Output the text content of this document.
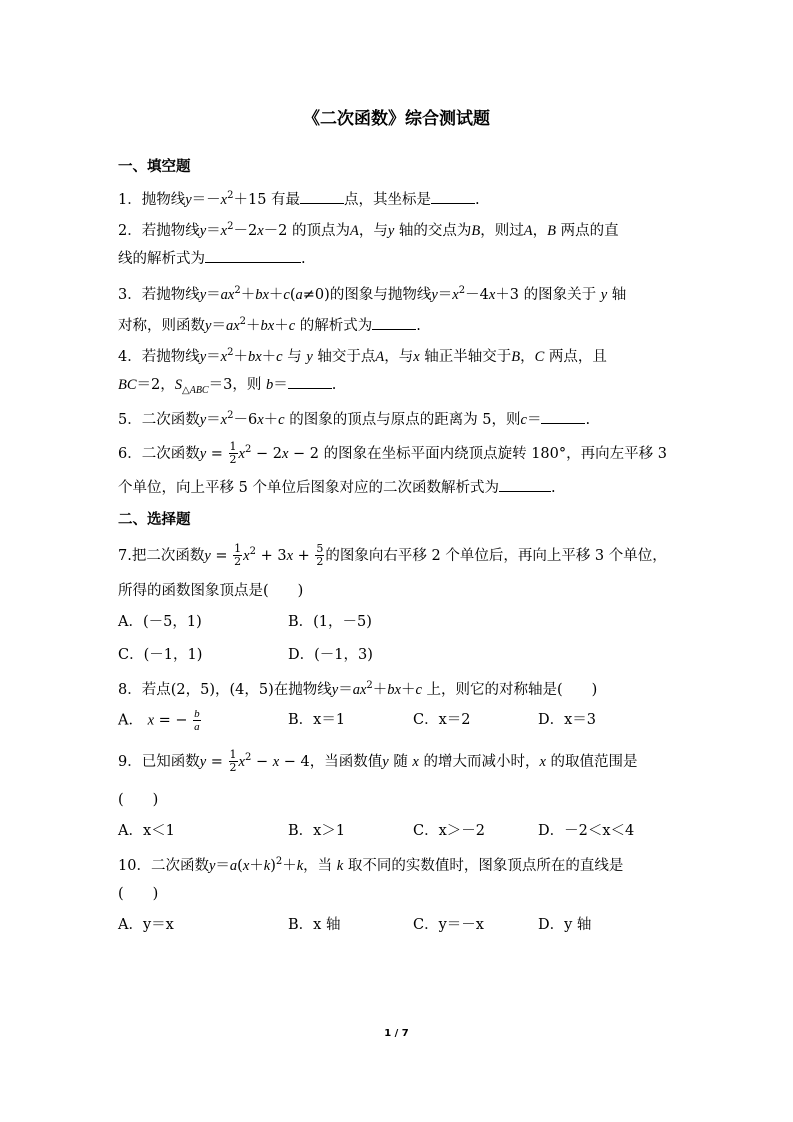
《二次函数》综合测试题
一、填空题
1．抛物线$y=-x^2+15$ 有最	点，其坐标是	.
2．若抛物线$y=x^2-2x-2$ 的顶点为A，与y 轴的交点为B，则过A，B 两点的直
线的解析式为	.
3．若抛物线$y=ax^2+bx+c(a\ne 0)$的图象与抛物线$y=x^2-4x+3$ 的图象关于 y 轴
对称，则函数$y=ax^2+bx+c$ 的解析式为	.
4．若抛物线$y=x^2+bx+c$ 与 y 轴交于点A，与x 轴正半轴交于B，C 两点，且
BC＝2，$S_{\triangle ABC}=3$，则 b＝	.
5．二次函数$y=x^2-6x+c$ 的图象的顶点与原点的距离为 5，则c＝	.
6．二次函数$y = \frac{1}{2} x^2 - 2x - 2$ 的图象在坐标平面内绕顶点旋转 180°，再向左平移 3
个单位，向上平移 5 个单位后图象对应的二次函数解析式为	.
二、选择题
7.把二次函数$y = \frac{1}{2} x^2 + 3x + \frac{5}{2}$ 的图象向右平移 2 个单位后，再向上平移 3 个单位，
所得的函数图象顶点是(　　)
A．(－5，1)	B．(1，－5)
C．(－1，1)	D．(－1，3)
8．若点(2，5)，(4，5)在抛物线$y=ax^2+bx+c$ 上，则它的对称轴是(　　)
A． x = − $\frac{b}{a}$	B．x＝1	C．x＝2	D．x＝3
9．已知函数$y = \frac{1}{2} x^2 - x - 4$，当函数值y 随 x 的增大而减小时，x 的取值范围是
(　　)
A．x＜1	B．x＞1	C．x＞－2	D．－2＜x＜4
10．二次函数$y=a(x+k)^2+k$，当 k 取不同的实数值时，图象顶点所在的直线是
(　　)
A．y＝x	B．x 轴	C．y＝－x	D．y 轴
1 / 7
